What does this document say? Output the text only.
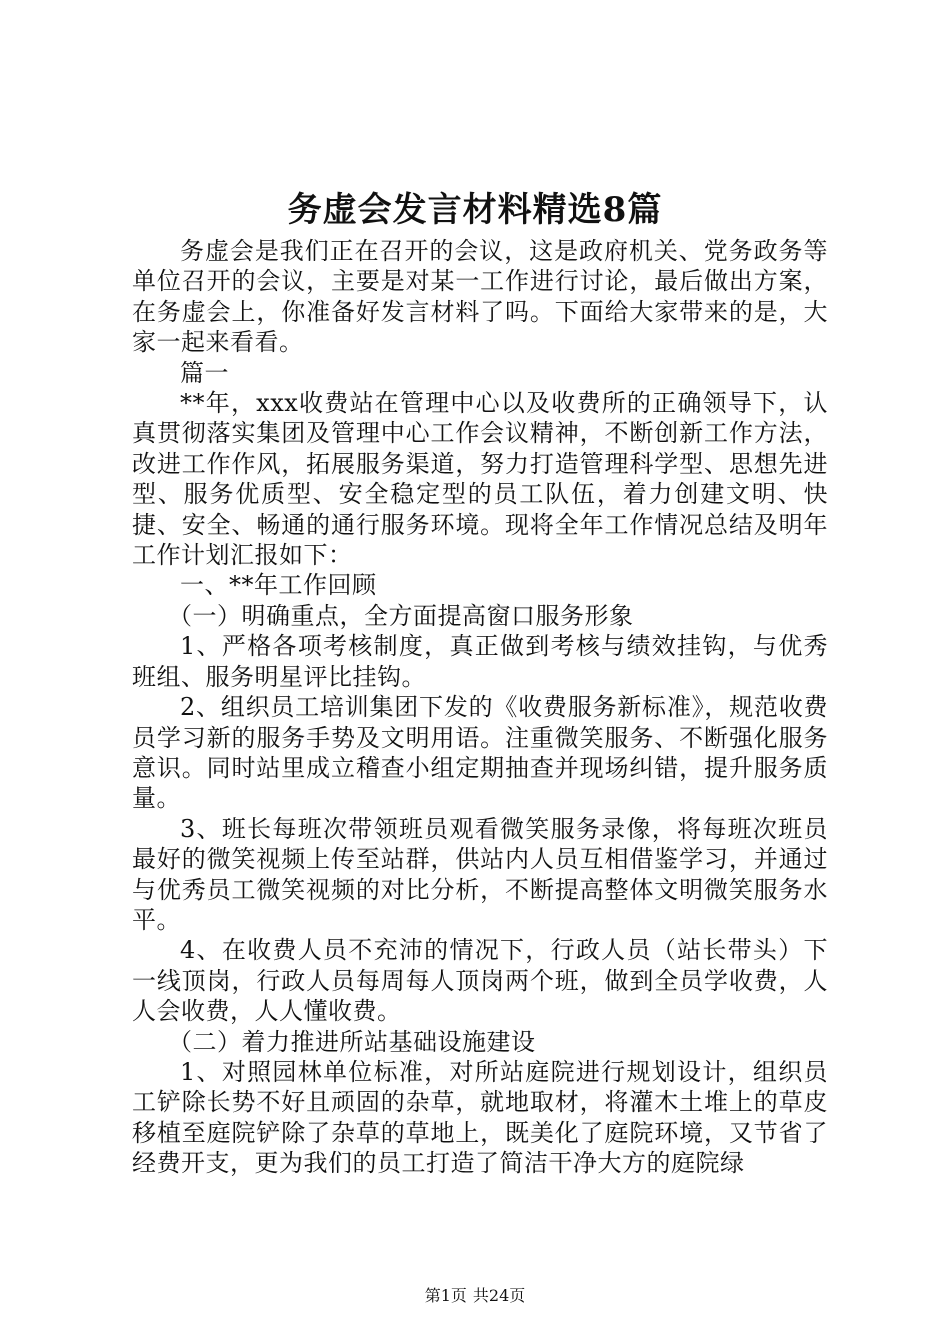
务虚会发言材料精选8篇

务虚会是我们正在召开的会议，这是政府机关、党务政务等单位召开的会议，主要是对某一工作进行讨论，最后做出方案，在务虚会上，你准备好发言材料了吗。下面给大家带来的是，大家一起来看看。

篇一

**年，xxx收费站在管理中心以及收费所的正确领导下，认真贯彻落实集团及管理中心工作会议精神，不断创新工作方法，改进工作作风，拓展服务渠道，努力打造管理科学型、思想先进型、服务优质型、安全稳定型的员工队伍，着力创建文明、快捷、安全、畅通的通行服务环境。现将全年工作情况总结及明年工作计划汇报如下：

一、**年工作回顾

（一）明确重点，全方面提高窗口服务形象

1、严格各项考核制度，真正做到考核与绩效挂钩，与优秀班组、服务明星评比挂钩。

2、组织员工培训集团下发的《收费服务新标准》，规范收费员学习新的服务手势及文明用语。注重微笑服务、不断强化服务意识。同时站里成立稽查小组定期抽查并现场纠错，提升服务质量。

3、班长每班次带领班员观看微笑服务录像，将每班次班员最好的微笑视频上传至站群，供站内人员互相借鉴学习，并通过与优秀员工微笑视频的对比分析，不断提高整体文明微笑服务水平。

4、在收费人员不充沛的情况下，行政人员（站长带头）下一线顶岗，行政人员每周每人顶岗两个班，做到全员学收费，人人会收费，人人懂收费。

（二）着力推进所站基础设施建设

1、对照园林单位标准，对所站庭院进行规划设计，组织员工铲除长势不好且顽固的杂草，就地取材，将灌木土堆上的草皮移植至庭院铲除了杂草的草地上，既美化了庭院环境，又节省了经费开支，更为我们的员工打造了简洁干净大方的庭院绿

第1页 共24页
